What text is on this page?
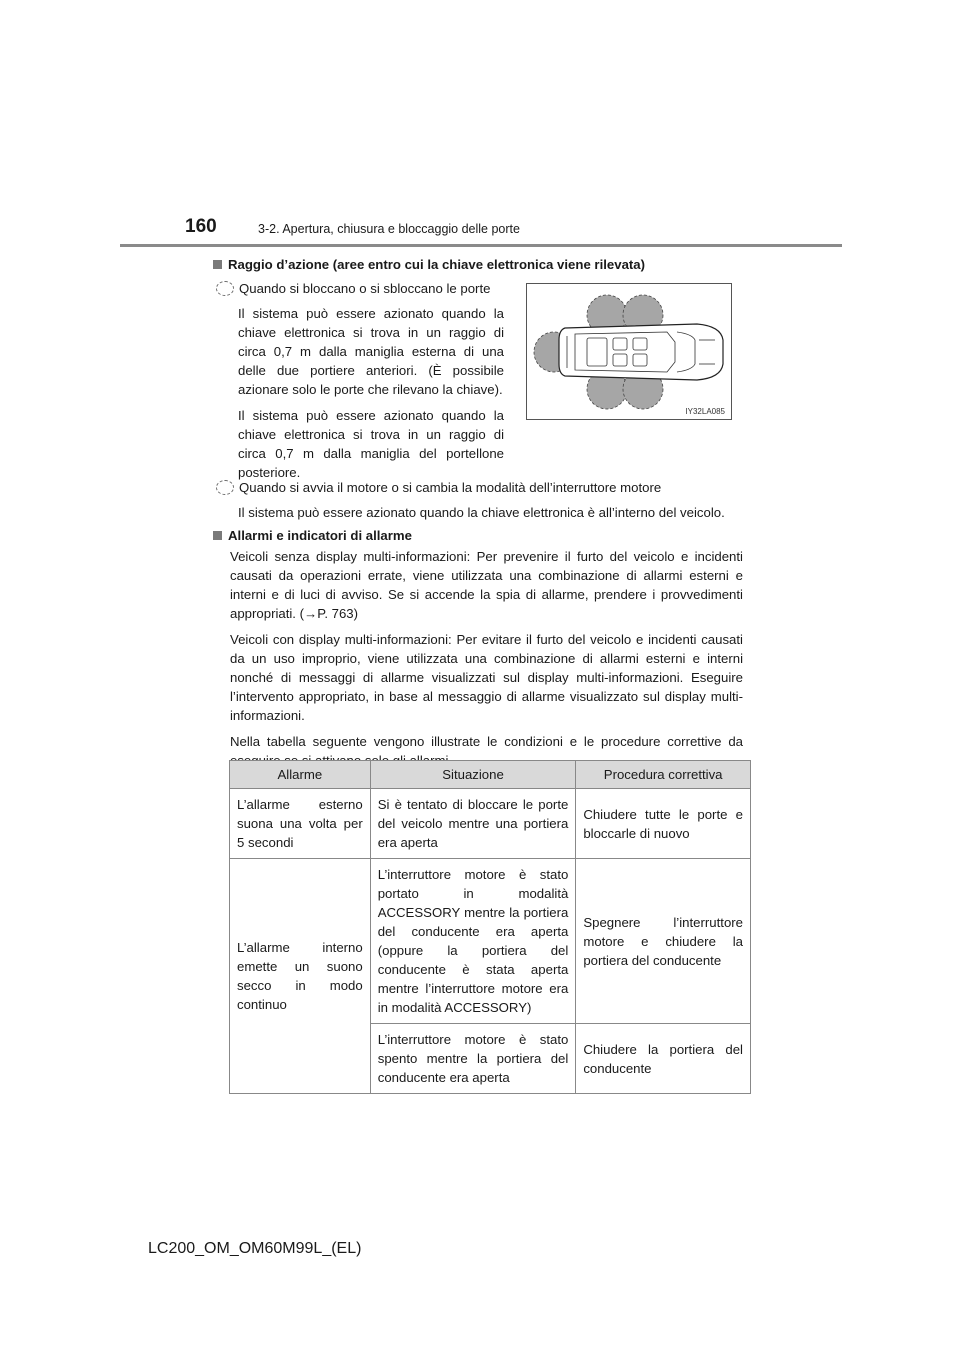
160	3-2. Apertura, chiusura e bloccaggio delle porte
Raggio d’azione (aree entro cui la chiave elettronica viene rilevata)
Quando si bloccano o si sbloccano le porte

Il sistema può essere azionato quando la chiave elettronica si trova in un raggio di circa 0,7 m dalla maniglia esterna di una delle due portiere anteriori. (È possibile azionare solo le porte che rilevano la chiave).

Il sistema può essere azionato quando la chiave elettronica si trova in un raggio di circa 0,7 m dalla maniglia del portellone posteriore.

IY32LA085
Quando si avvia il motore o si cambia la modalità dell’interruttore motore
Il sistema può essere azionato quando la chiave elettronica è all’interno del veicolo.
Allarmi e indicatori di allarme

Veicoli senza display multi-informazioni: Per prevenire il furto del veicolo e incidenti causati da operazioni errate, viene utilizzata una combinazione di allarmi esterni e interni e di luci di avviso. Se si accende la spia di allarme, prendere i provvedimenti appropriati. (→P. 763)

Veicoli con display multi-informazioni: Per evitare il furto del veicolo e incidenti causati da un uso improprio, viene utilizzata una combinazione di allarmi esterni e interni nonché di messaggi di allarme visualizzati sul display multi-informazioni. Eseguire l’intervento appropriato, in base al messaggio di allarme visualizzato sul display multi-informazioni.

Nella tabella seguente vengono illustrate le condizioni e le procedure correttive da

Allarme	Situazione	Procedura correttiva
L’allarme esterno suona una volta per 5 secondi	Si è tentato di bloccare le porte del veicolo mentre una portiera era aperta	Chiudere tutte le porte e bloccarle di nuovo
L’allarme interno emette un suono secco in modo continuo	L’interruttore motore è stato portato in modalità ACCESSORY mentre la portiera del conducente era aperta (oppure la portiera del conducente è stata aperta mentre l’interruttore motore era in modalità ACCESSORY)	Spegnere l’interruttore motore e chiudere la portiera del conducente
	L’interruttore motore è stato spento mentre la portiera del conducente era aperta	Chiudere la portiera del conducente
LC200_OM_OM60M99L_(EL)
